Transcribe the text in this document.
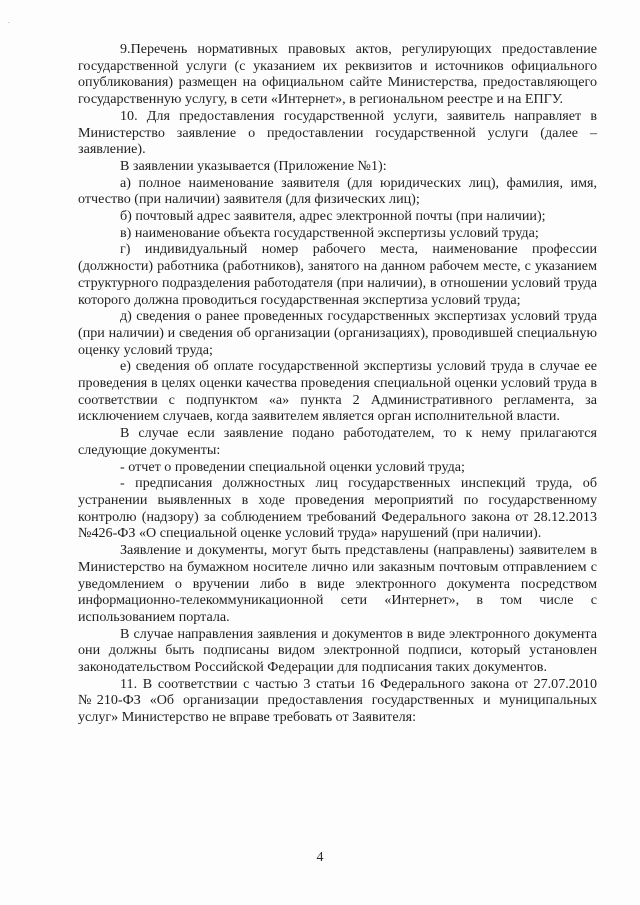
.

9.Перечень нормативных правовых актов, регулирующих предоставление государственной услуги (с указанием их реквизитов и источников официального опубликования) размещен на официальном сайте Министерства, предоставляющего государственную услугу, в сети «Интернет», в региональном реестре и на ЕПГУ.

10. Для предоставления государственной услуги, заявитель направляет в Министерство заявление о предоставлении государственной услуги (далее – заявление).

В заявлении указывается (Приложение №1):

а) полное наименование заявителя (для юридических лиц), фамилия, имя, отчество (при наличии) заявителя (для физических лиц);

б) почтовый адрес заявителя, адрес электронной почты (при наличии);

в) наименование объекта государственной экспертизы условий труда;

г) индивидуальный номер рабочего места, наименование профессии (должности) работника (работников), занятого на данном рабочем месте, с указанием структурного подразделения работодателя (при наличии), в отношении условий труда которого должна проводиться государственная экспертиза условий труда;

д) сведения о ранее проведенных государственных экспертизах условий труда (при наличии) и сведения об организации (организациях), проводившей специальную оценку условий труда;

е) сведения об оплате государственной экспертизы условий труда в случае ее проведения в целях оценки качества проведения специальной оценки условий труда в соответствии с подпунктом «а» пункта 2 Административного регламента, за исключением случаев, когда заявителем является орган исполнительной власти.

В случае если заявление подано работодателем, то к нему прилагаются следующие документы:

- отчет о проведении специальной оценки условий труда;

- предписания должностных лиц государственных инспекций труда, об устранении выявленных в ходе проведения мероприятий по государственному контролю (надзору) за соблюдением требований Федерального закона от 28.12.2013 №426-ФЗ «О специальной оценке условий труда» нарушений (при наличии).

Заявление и документы, могут быть представлены (направлены) заявителем в Министерство на бумажном носителе лично или заказным почтовым отправлением с уведомлением о вручении либо в виде электронного документа посредством информационно-телекоммуникационной сети «Интернет», в том числе с использованием портала.

В случае направления заявления и документов в виде электронного документа они должны быть подписаны видом электронной подписи, который установлен законодательством Российской Федерации для подписания таких документов.

11. В соответствии с частью 3 статьи 16 Федерального закона от 27.07.2010 №210-ФЗ «Об организации предоставления государственных и муниципальных услуг» Министерство не вправе требовать от Заявителя:

4
